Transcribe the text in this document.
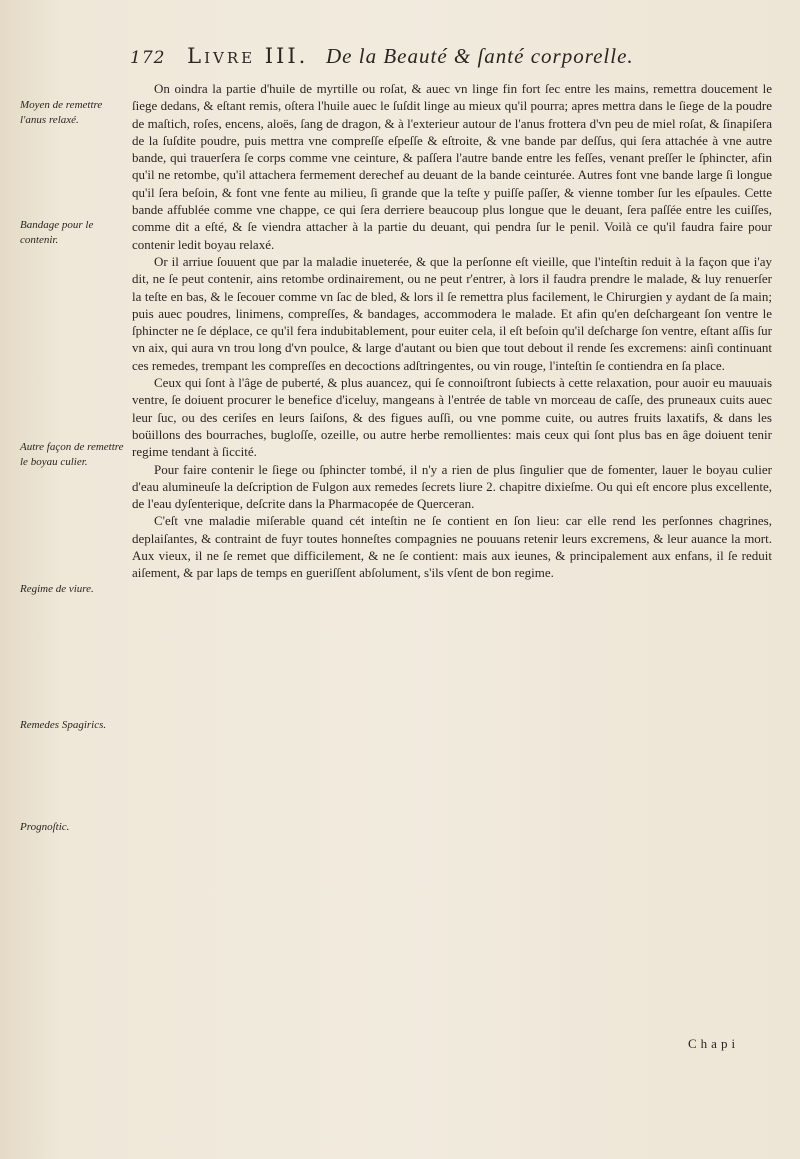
172 Livre III. De la Beauté & ſanté corporelle.
Moyen de remettre l'anus relaxé.
Bandage pour le contenir.
Autre façon de remettre le boyau culier.
Regime de viure.
Remedes Spagirics.
Prognoſtic.

On oindra la partie d'huile de myrtille ou roſat, & auec vn linge fin fort ſec entre les mains, remettra doucement le ſiege dedans, & eſtant remis, oſtera l'huile auec le ſuſdit linge au mieux qu'il pourra; apres mettra dans le ſiege de la poudre de maſtich, roſes, encens, aloës, ſang de dragon, & à l'exterieur autour de l'anus frottera d'vn peu de miel roſat, & ſinapiſera de la ſuſdite poudre, puis mettra vne compreſſe eſpeſſe & eſtroite, & vne bande par deſſus, qui ſera attachée à vne autre bande, qui trauerſera ſe corps comme vne ceinture, & paſſera l'autre bande entre les feſſes, venant preſſer le ſphincter, afin qu'il ne retombe, qu'il attachera fermement derechef au deuant de la bande ceinturée. Autres font vne bande large ſi longue qu'il ſera beſoin, & font vne fente au milieu, ſi grande que la teſte y puiſſe paſſer, & vienne tomber ſur les eſpaules. Cette bande affublée comme vne chappe, ce qui ſera derriere beaucoup plus longue que le deuant, ſera paſſée entre les cuiſſes, comme dit a eſté, & ſe viendra attacher à la partie du deuant, qui pendra ſur le penil. Voilà ce qu'il faudra faire pour contenir ledit boyau relaxé.

Or il arriue ſouuent que par la maladie inueterée, & que la perſonne eſt vieille, que l'inteſtin reduit à la façon que i'ay dit, ne ſe peut contenir, ains retombe ordinairement, ou ne peut r'entrer, à lors il faudra prendre le malade, & luy renuerſer la teſte en bas, & le ſecouer comme vn ſac de bled, & lors il ſe remettra plus facilement, le Chirurgien y aydant de ſa main; puis auec poudres, linimens, compreſſes, & bandages, accommodera le malade. Et afin qu'en deſchargeant ſon ventre le ſphincter ne ſe déplace, ce qu'il fera indubitablement, pour euiter cela, il eſt beſoin qu'il deſcharge ſon ventre, eſtant aſſis ſur vn aix, qui aura vn trou long d'vn poulce, & large d'autant ou bien que tout debout il rende ſes excremens: ainſi continuant ces remedes, trempant les compreſſes en decoctions adſtringentes, ou vin rouge, l'inteſtin ſe contiendra en ſa place.

Ceux qui ſont à l'âge de puberté, & plus auancez, qui ſe connoiſtront ſubiects à cette relaxation, pour auoir eu mauuais ventre, ſe doiuent procurer le benefice d'iceluy, mangeans à l'entrée de table vn morceau de caſſe, des pruneaux cuits auec leur ſuc, ou des ceriſes en leurs ſaiſons, & des figues auſſi, ou vne pomme cuite, ou autres fruits laxatifs, & dans les boüillons des bourraches, bugloſſe, ozeille, ou autre herbe remollientes: mais ceux qui ſont plus bas en âge doiuent tenir regime tendant à ſiccité.

Pour faire contenir le ſiege ou ſphincter tombé, il n'y a rien de plus ſingulier que de fomenter, lauer le boyau culier d'eau alumineuſe la deſcription de Fulgon aux remedes ſecrets liure 2. chapitre dixieſme. Ou qui eſt encore plus excellente, de l'eau dyſenterique, deſcrite dans la Pharmacopée de Querceran.

C'eſt vne maladie miſerable quand cét inteſtin ne ſe contient en ſon lieu: car elle rend les perſonnes chagrines, deplaiſantes, & contraint de fuyr toutes honneſtes compagnies ne pouuans retenir leurs excremens, & leur auance la mort. Aux vieux, il ne ſe remet que difficilement, & ne ſe contient: mais aux ieunes, & principalement aux enfans, il ſe reduit aiſement, & par laps de temps en gueriſſent abſolument, s'ils vſent de bon regime.

Chapi
